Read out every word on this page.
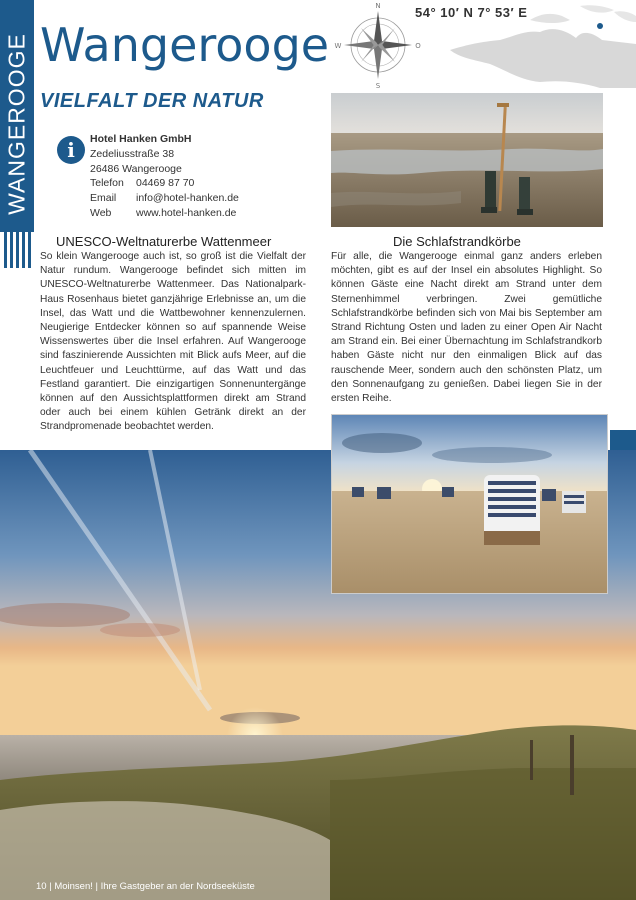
WANGEROOGE Wangerooge
VIELFALT DER NATUR
N
S
W	O
54° 10′ N 7° 53′ E
i	Hotel Hanken GmbH
Zedeliusstraße 38
26486 Wangerooge
Telefon	04469 87 70
Email	info@hotel-hanken.de
Web	www.hotel-hanken.de
UNESCO-Weltnaturerbe Wattenmeer

So klein Wangerooge auch ist, so groß ist die Vielfalt der Natur rundum. Wangerooge befindet sich mitten im UNESCO-Weltnaturerbe Wattenmeer. Das Nationalpark-Haus Rosenhaus bietet ganzjährige Erlebnisse an, um die Insel, das Watt und die Wattbewohner kennenzulernen. Neugierige Entdecker können so auf spannende Weise Wissenswertes über die Insel erfahren. Auf Wangerooge sind faszinierende Aussichten mit Blick aufs Meer, auf die Leuchtfeuer und Leuchttürme, auf das Watt und das Festland garantiert. Die einzigartigen Sonnenuntergänge können auf den Aussichtsplattformen direkt am Strand oder auch bei einem kühlen Getränk direkt an der Strandpromenade beobachtet werden.

Die Schlafstrandkörbe

Für alle, die Wangerooge einmal ganz anders erleben möchten, gibt es auf der Insel ein absolutes Highlight. So können Gäste eine Nacht direkt am Strand unter dem Sternenhimmel verbringen. Zwei gemütliche Schlafstrandkörbe befinden sich von Mai bis September am Strand Richtung Osten und laden zu einer Open Air Nacht am Strand ein. Bei einer Übernachtung im Schlafstrandkorb haben Gäste nicht nur den einmaligen Blick auf das rauschende Meer, sondern auch den schönsten Platz, um den Sonnenaufgang zu genießen. Dabei liegen Sie in der ersten Reihe.

10 | Moinsen! | Ihre Gastgeber an der Nordseeküste
